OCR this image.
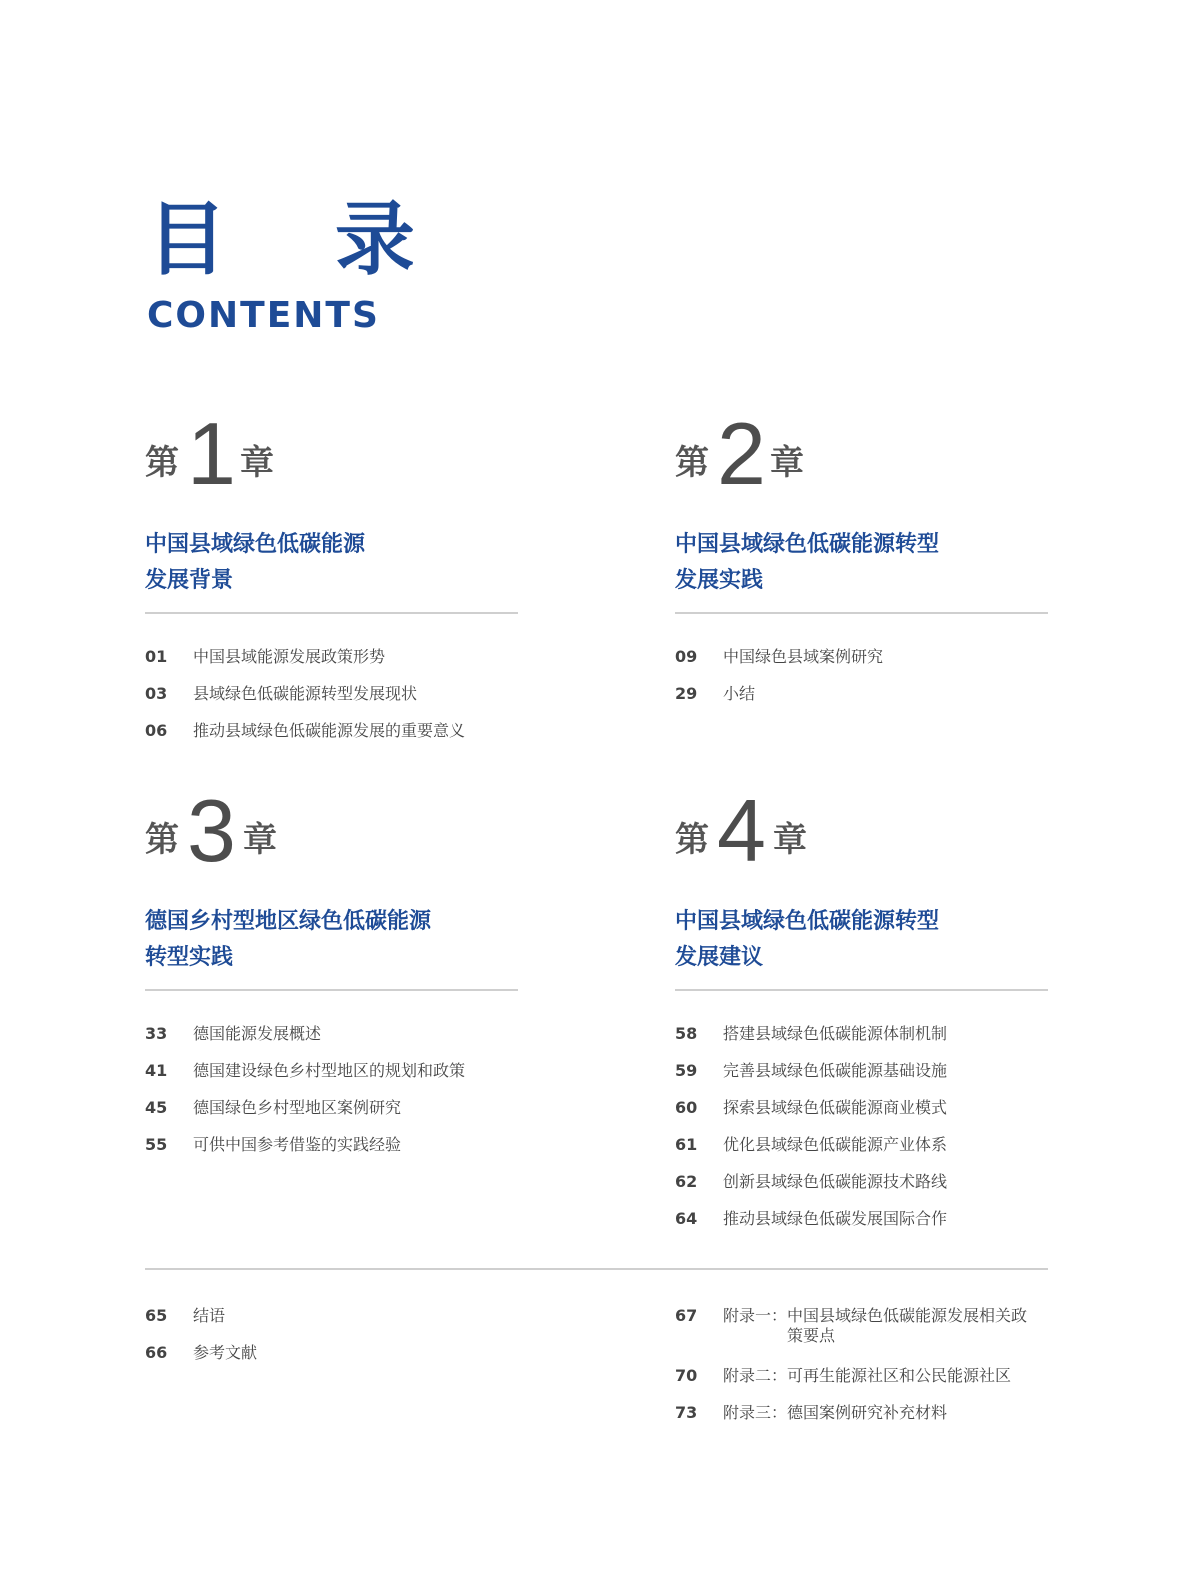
目 录
CONTENTS
第 1 章
中国县域绿色低碳能源
发展背景
01	中国县域能源发展政策形势
03	县域绿色低碳能源转型发展现状
06	推动县域绿色低碳能源发展的重要意义
第 2 章
中国县域绿色低碳能源转型
发展实践
09	中国绿色县域案例研究
29	小结
第 3 章
德国乡村型地区绿色低碳能源
转型实践
33	德国能源发展概述
41	德国建设绿色乡村型地区的规划和政策
45	德国绿色乡村型地区案例研究
55	可供中国参考借鉴的实践经验
第 4 章
中国县域绿色低碳能源转型
发展建议
58	搭建县域绿色低碳能源体制机制
59	完善县域绿色低碳能源基础设施
60	探索县域绿色低碳能源商业模式
61	优化县域绿色低碳能源产业体系
62	创新县域绿色低碳能源技术路线
64	推动县域绿色低碳发展国际合作
65	结语
66	参考文献
67	附录一： 中国县域绿色低碳能源发展相关政策要点
70	附录二： 可再生能源社区和公民能源社区
73	附录三： 德国案例研究补充材料
